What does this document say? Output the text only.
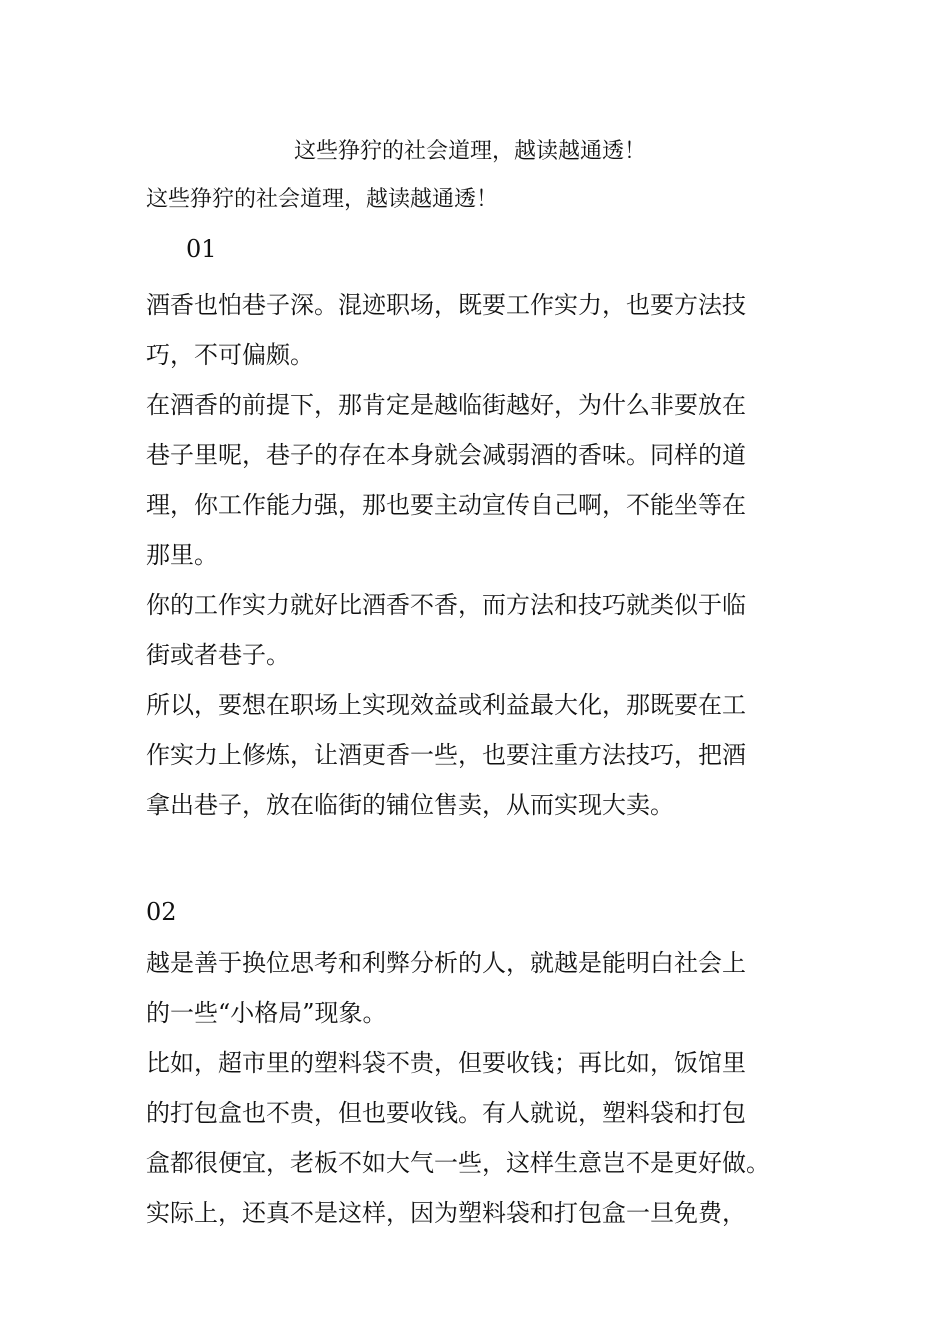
这些狰狞的社会道理，越读越通透！
这些狰狞的社会道理，越读越通透！
01
酒香也怕巷子深。混迹职场，既要工作实力，也要方法技
巧，不可偏颇。
在酒香的前提下，那肯定是越临街越好，为什么非要放在
巷子里呢，巷子的存在本身就会减弱酒的香味。同样的道
理，你工作能力强，那也要主动宣传自己啊，不能坐等在
那里。
你的工作实力就好比酒香不香，而方法和技巧就类似于临
街或者巷子。
所以，要想在职场上实现效益或利益最大化，那既要在工
作实力上修炼，让酒更香一些，也要注重方法技巧，把酒
拿出巷子，放在临街的铺位售卖，从而实现大卖。
02
越是善于换位思考和利弊分析的人，就越是能明白社会上
的一些“小格局”现象。
比如，超市里的塑料袋不贵，但要收钱；再比如，饭馆里
的打包盒也不贵，但也要收钱。有人就说，塑料袋和打包
盒都很便宜，老板不如大气一些，这样生意岂不是更好做。
实际上，还真不是这样，因为塑料袋和打包盒一旦免费，
